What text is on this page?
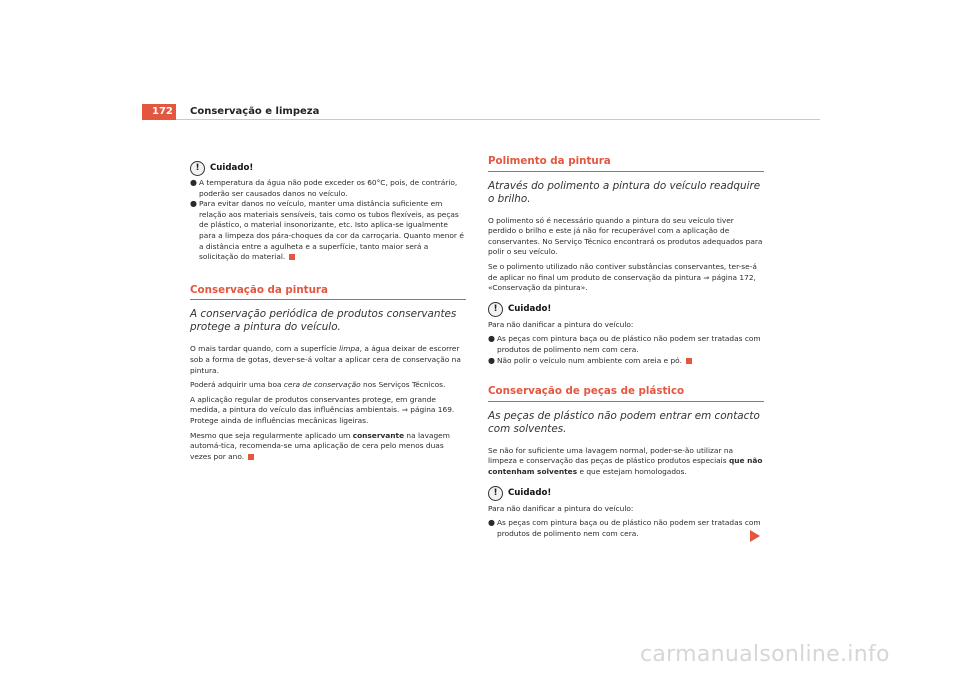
172	Conservação e limpeza
!	Cuidado!
● A temperatura da água não pode exceder os 60°C, pois, de contrário, poderão ser causados danos no veículo.
● Para evitar danos no veículo, manter uma distância suficiente em relação aos materiais sensíveis, tais como os tubos flexíveis, as peças de plástico, o material insonorizante, etc. Isto aplica-se igualmente para a limpeza dos pára-choques da cor da carroçaria. Quanto menor é a distância entre a agulheta e a superfície, tanto maior será a solicitação do material.
Conservação da pintura
A conservação periódica de produtos conservantes protege a pintura do veículo.

O mais tardar quando, com a superfície limpa, a água deixar de escorrer sob a forma de gotas, dever-se-á voltar a aplicar cera de conservação na pintura.

Poderá adquirir uma boa cera de conservação nos Serviços Técnicos.

A aplicação regular de produtos conservantes protege, em grande medida, a pintura do veículo das influências ambientais. ⇒ página 169. Protege ainda de influências mecânicas ligeiras.

Mesmo que seja regularmente aplicado um conservante na lavagem automá-tica, recomenda-se uma aplicação de cera pelo menos duas vezes por ano.

Polimento da pintura
Através do polimento a pintura do veículo readquire o brilho.

O polimento só é necessário quando a pintura do seu veículo tiver perdido o brilho e este já não for recuperável com a aplicação de conservantes. No Serviço Técnico encontrará os produtos adequados para polir o seu veículo.

Se o polimento utilizado não contiver substâncias conservantes, ter-se-á de aplicar no final um produto de conservação da pintura ⇒ página 172, «Conservação da pintura».

!	Cuidado!

Para não danificar a pintura do veículo:

● As peças com pintura baça ou de plástico não podem ser tratadas com produtos de polimento nem com cera.
● Não polir o veículo num ambiente com areia e pó.
Conservação de peças de plástico
As peças de plástico não podem entrar em contacto com solventes.

Se não for suficiente uma lavagem normal, poder-se-ão utilizar na limpeza e conservação das peças de plástico produtos especiais que não contenham solventes e que estejam homologados.

!	Cuidado!

Para não danificar a pintura do veículo:

● As peças com pintura baça ou de plástico não podem ser tratadas com produtos de polimento nem com cera.
carmanualsonline.info
